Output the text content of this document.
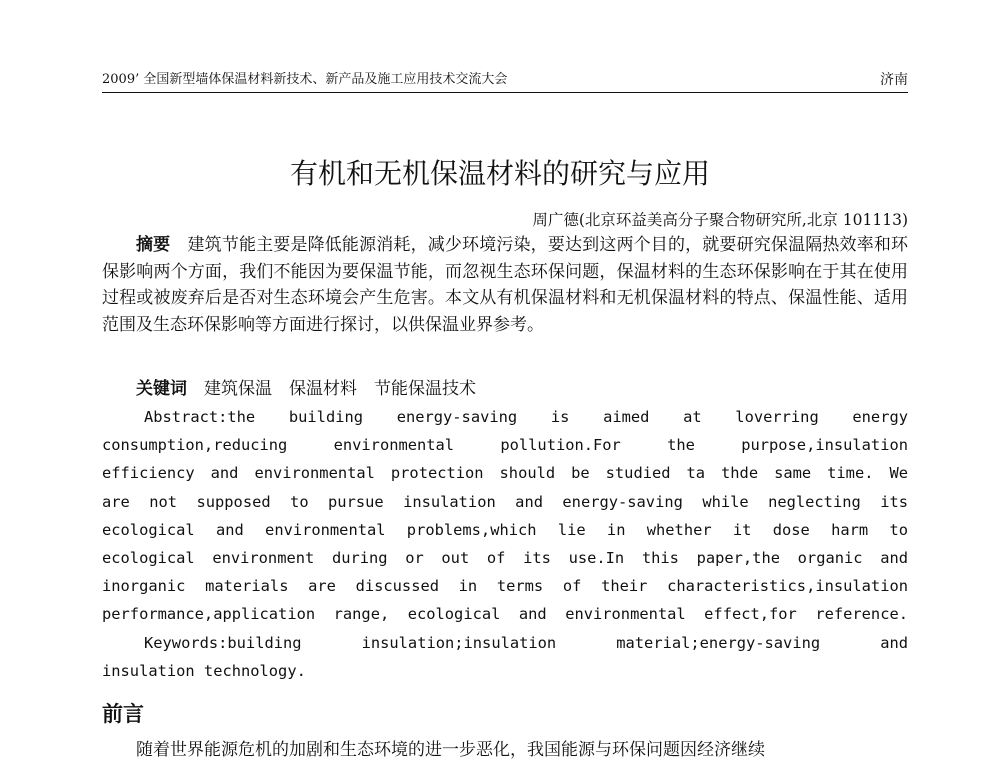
2009’ 全国新型墙体保温材料新技术、新产品及施工应用技术交流大会	济南
有机和无机保温材料的研究与应用
周广德(北京环益美高分子聚合物研究所,北京 101113)

摘要　 建筑节能主要是降低能源消耗，减少环境污染，要达到这两个目的，就要研究保温隔热效率和环保影响两个方面，我们不能因为要保温节能，而忽视生态环保问题，保温材料的生态环保影响在于其在使用过程或被废弃后是否对生态环境会产生危害。本文从有机保温材料和无机保温材料的特点、保温性能、适用范围及生态环保影响等方面进行探讨，以供保温业界参考。

关键词　 建筑保温　保温材料　节能保温技术
Abstract:the building energy-saving is aimed at loverring energy
consumption,reducing environmental pollution.For the purpose,insulation
efficiency and environmental protection should be studied ta thde same time. We
are not supposed to pursue insulation and energy-saving while neglecting its
ecological and environmental problems,which lie in whether it dose harm to
ecological environment during or out of its use.In this paper,the organic and
inorganic materials are discussed in terms of their characteristics,insulation
performance,application range, ecological and environmental effect,for reference.
Keywords:building insulation;insulation material;energy-saving and
insulation technology.
前言
随着世界能源危机的加剧和生态环境的进一步恶化，我国能源与环保问题因经济继续
